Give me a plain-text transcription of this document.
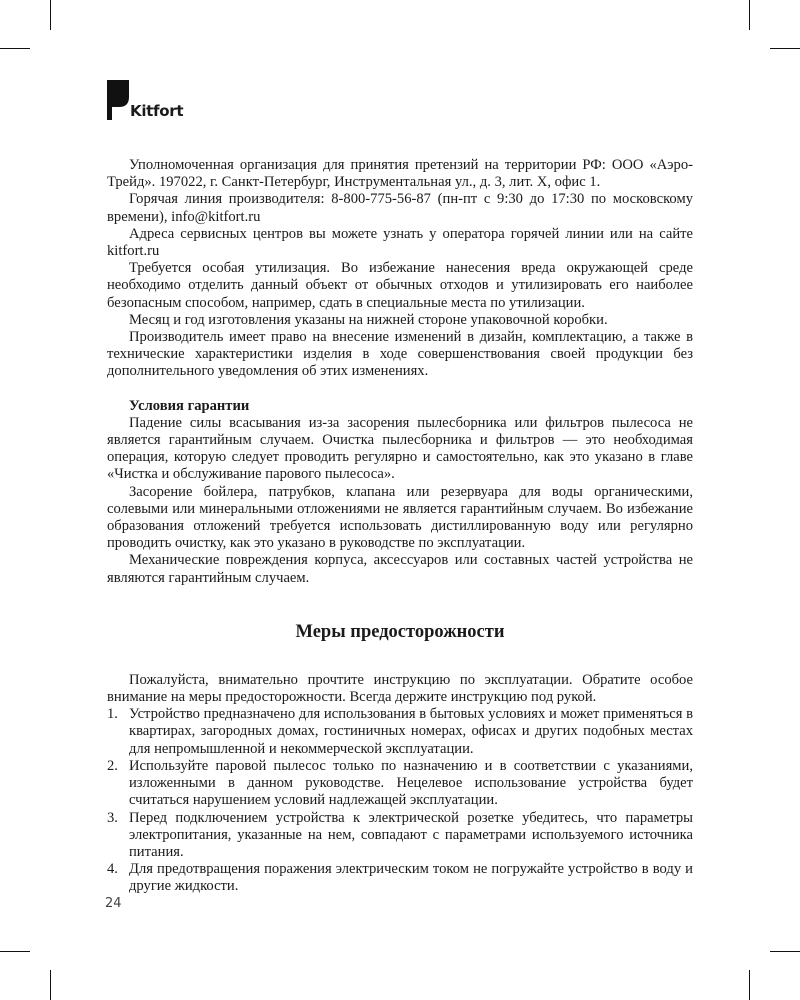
Kitfort

Уполномоченная организация для принятия претензий на территории РФ: ООО «Аэро-Трейд». 197022, г. Санкт-Петербург, Инструментальная ул., д. 3, лит. Х, офис 1.

Горячая линия производителя: 8-800-775-56-87 (пн-пт с 9:30 до 17:30 по московскому времени), info@kitfort.ru

Адреса сервисных центров вы можете узнать у оператора горячей линии или на сайте kitfort.ru

Требуется особая утилизация. Во избежание нанесения вреда окружающей среде необходимо отделить данный объект от обычных отходов и утилизировать его наиболее безопасным способом, например, сдать в специальные места по утилизации.

Месяц и год изготовления указаны на нижней стороне упаковочной коробки.

Производитель имеет право на внесение изменений в дизайн, комплектацию, а также в технические характеристики изделия в ходе совершенствования своей продукции без дополнительного уведомления об этих изменениях.

Условия гарантии

Падение силы всасывания из-за засорения пылесборника или фильтров пылесоса не является гарантийным случаем. Очистка пылесборника и фильтров — это необходимая операция, которую следует проводить регулярно и самостоятельно, как это указано в главе «Чистка и обслуживание парового пылесоса».

Засорение бойлера, патрубков, клапана или резервуара для воды органическими, солевыми или минеральными отложениями не является гарантийным случаем. Во избежание образования отложений требуется использовать дистиллированную воду или регулярно проводить очистку, как это указано в руководстве по эксплуатации.

Механические повреждения корпуса, аксессуаров или составных частей устройства не являются гарантийным случаем.

Меры предосторожности

Пожалуйста, внимательно прочтите инструкцию по эксплуатации. Обратите особое внимание на меры предосторожности. Всегда держите инструкцию под рукой.

1. Устройство предназначено для использования в бытовых условиях и может применяться в квартирах, загородных домах, гостиничных номерах, офисах и других подобных местах для непромышленной и некоммерческой эксплуатации.
2. Используйте паровой пылесос только по назначению и в соответствии с указаниями, изложенными в данном руководстве. Нецелевое использование устройства будет считаться нарушением условий надлежащей эксплуатации.
3. Перед подключением устройства к электрической розетке убедитесь, что параметры электропитания, указанные на нем, совпадают с параметрами используемого источника питания.
4. Для предотвращения поражения электрическим током не погружайте устройство в воду и другие жидкости.
24
